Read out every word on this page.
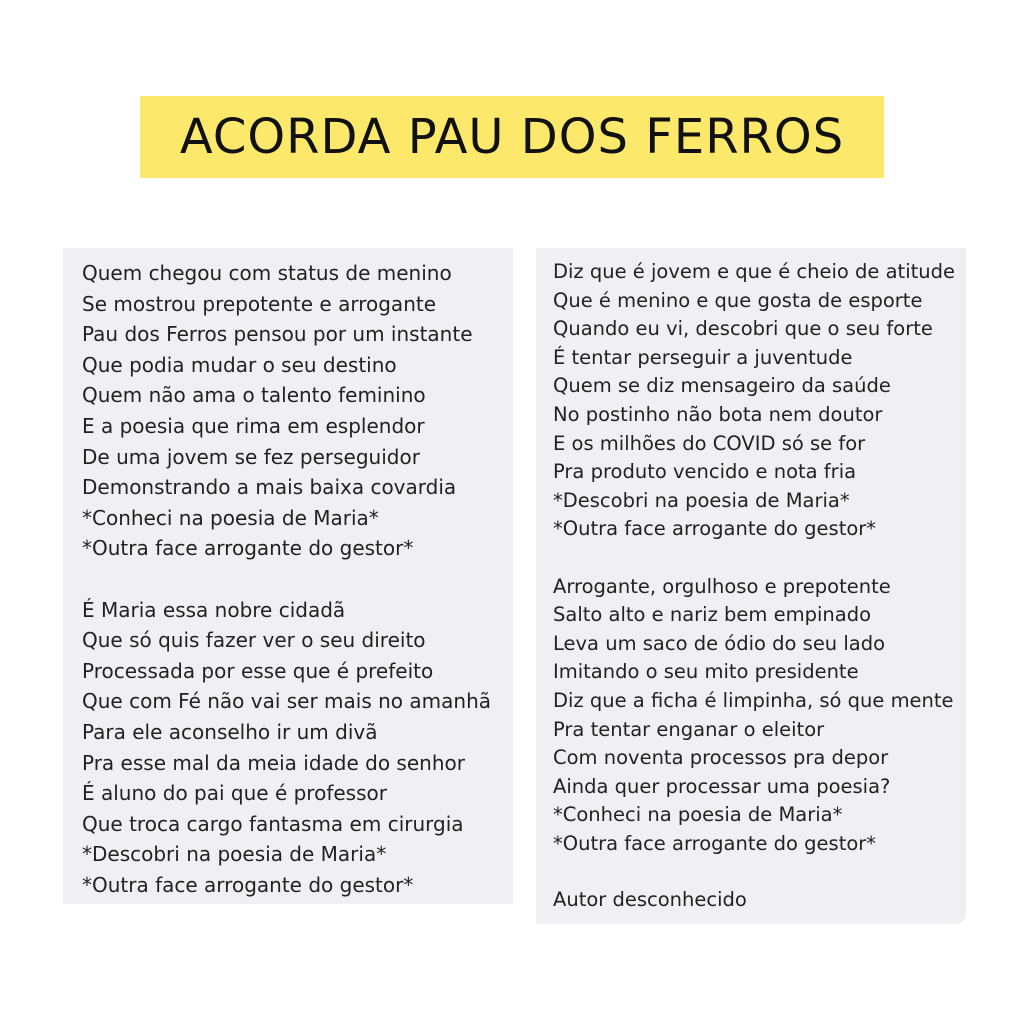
ACORDA PAU DOS FERROS
Quem chegou com status de menino
Se mostrou prepotente e arrogante
Pau dos Ferros pensou por um instante
Que podia mudar o seu destino
Quem não ama o talento feminino
E a poesia que rima em esplendor
De uma jovem se fez perseguidor
Demonstrando a mais baixa covardia
*Conheci na poesia de Maria*
*Outra face arrogante do gestor*
É Maria essa nobre cidadã
Que só quis fazer ver o seu direito
Processada por esse que é prefeito
Que com Fé não vai ser mais no amanhã
Para ele aconselho ir um divã
Pra esse mal da meia idade do senhor
É aluno do pai que é professor
Que troca cargo fantasma em cirurgia
*Descobri na poesia de Maria*
*Outra face arrogante do gestor*
Diz que é jovem e que é cheio de atitude
Que é menino e que gosta de esporte
Quando eu vi, descobri que o seu forte
É tentar perseguir a juventude
Quem se diz mensageiro da saúde
No postinho não bota nem doutor
E os milhões do COVID só se for
Pra produto vencido e nota fria
*Descobri na poesia de Maria*
*Outra face arrogante do gestor*
Arrogante, orgulhoso e prepotente
Salto alto e nariz bem empinado
Leva um saco de ódio do seu lado
Imitando o seu mito presidente
Diz que a ficha é limpinha, só que mente
Pra tentar enganar o eleitor
Com noventa processos pra depor
Ainda quer processar uma poesia?
*Conheci na poesia de Maria*
*Outra face arrogante do gestor*
Autor desconhecido
